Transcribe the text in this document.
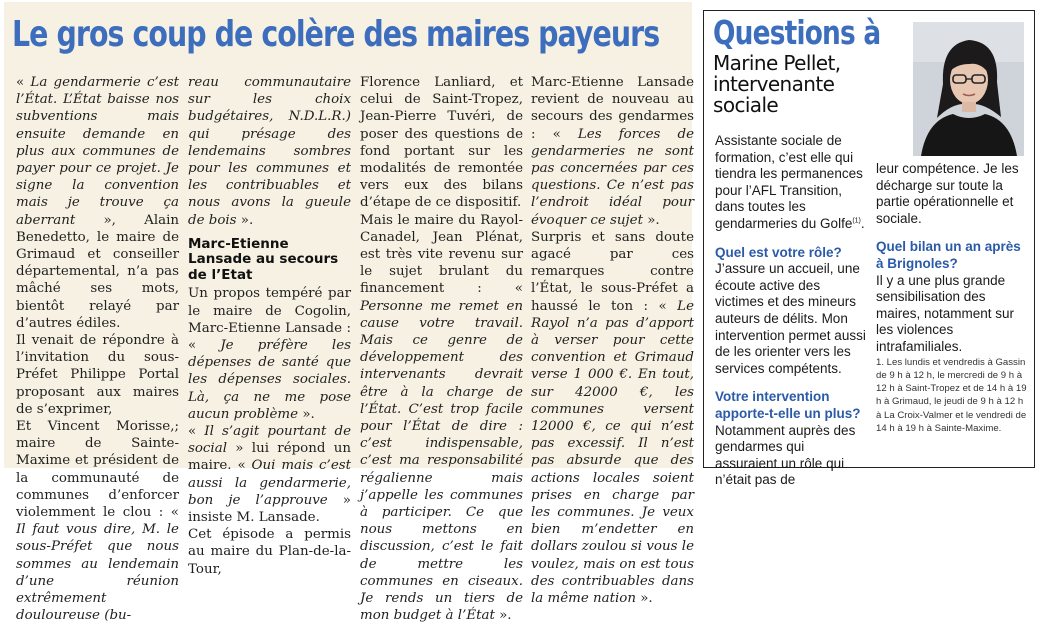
Le gros coup de colère des maires payeurs

« La gendarmerie c’est l’État. L’État baisse nos subventions mais ensuite demande en plus aux communes de payer pour ce projet. Je signe la convention mais je trouve ça aberrant », Alain Benedetto, le maire de Grimaud et conseiller départemental, n’a pas mâché ses mots, bientôt relayé par d’autres édiles.

Il venait de répondre à l’invitation du sous-Préfet Philippe Portal proposant aux maires de s’exprimer,

Et Vincent Morisse,; maire de Sainte-Maxime et président de la communauté de communes d’enforcer violemment le clou : « Il faut vous dire, M. le sous-Préfet que nous sommes au lendemain d’une réunion extrêmement douloureuse (bu-

reau communautaire sur les choix budgétaires, N.D.L.R.) qui présage des lendemains sombres pour les communes et les contribuables et nous avons la gueule de bois ».

Marc-Etienne Lansade au secours de l’Etat

Un propos tempéré par le maire de Cogolin, Marc-Etienne Lansade : « Je préfère les dépenses de santé que les dépenses sociales. Là, ça ne me pose aucun problème ».

« Il s’agit pourtant de social » lui répond un maire. « Oui mais c’est aussi la gendarmerie, bon je l’approuve » insiste M. Lansade.

Cet épisode a permis au maire du Plan-de-la-Tour,

Florence Lanliard, et celui de Saint-Tropez, Jean-Pierre Tuvéri, de poser des questions de fond portant sur les modalités de remontée vers eux des bilans d’étape de ce dispositif.

Mais le maire du Rayol-Canadel, Jean Plénat, est très vite revenu sur le sujet brulant du financement : « Personne me remet en cause votre travail. Mais ce genre de développement des intervenants devrait être à la charge de l’État. C’est trop facile pour l’État de dire : c’est indispensable, c’est ma responsabilité régalienne mais j’appelle les communes à participer. Ce que nous mettons en discussion, c’est le fait de mettre les communes en ciseaux. Je rends un tiers de mon budget à l’État ».

Marc-Etienne Lansade revient de nouveau au secours des gendarmes : « Les forces de gendarmeries ne sont pas concernées par ces questions. Ce n’est pas l’endroit idéal pour évoquer ce sujet ».

Surpris et sans doute agacé par ces remarques contre l’État, le sous-Préfet a haussé le ton : « Le Rayol n’a pas d’apport à verser pour cette convention et Grimaud verse 1 000 €. En tout, sur 42000 €, les communes versent 12000 €, ce qui n’est pas excessif. Il n’est pas absurde que des actions locales soient prises en charge par les communes. Je veux bien m’endetter en dollars zoulou si vous le voulez, mais on est tous des contribuables dans la même nation ».

Questions à
Marine Pellet,
intervenante
sociale

Assistante sociale de formation, c’est elle qui tiendra les permanences pour l’AFL Transition, dans toutes les gendarmeries du Golfe$^{(1)}$.

Quel est votre rôle?

J’assure un accueil, une écoute active des victimes et des mineurs auteurs de délits. Mon intervention permet aussi de les orienter vers les services compétents.

Votre intervention apporte-t-elle un plus?

Notamment auprès des gendarmes qui assuraient un rôle qui n’était pas de

leur compétence. Je les décharge sur toute la partie opérationnelle et sociale.

Quel bilan un an après à Brignoles?

Il y a une plus grande sensibilisation des maires, notamment sur les violences intrafamiliales.

1. Les lundis et vendredis à Gassin de 9 h à 12 h, le mercredi de 9 h à 12 h à Saint-Tropez et de 14 h à 19 h à Grimaud, le jeudi de 9 h à 12 h à La Croix-Valmer et le vendredi de 14 h à 19 h à Sainte-Maxime.
